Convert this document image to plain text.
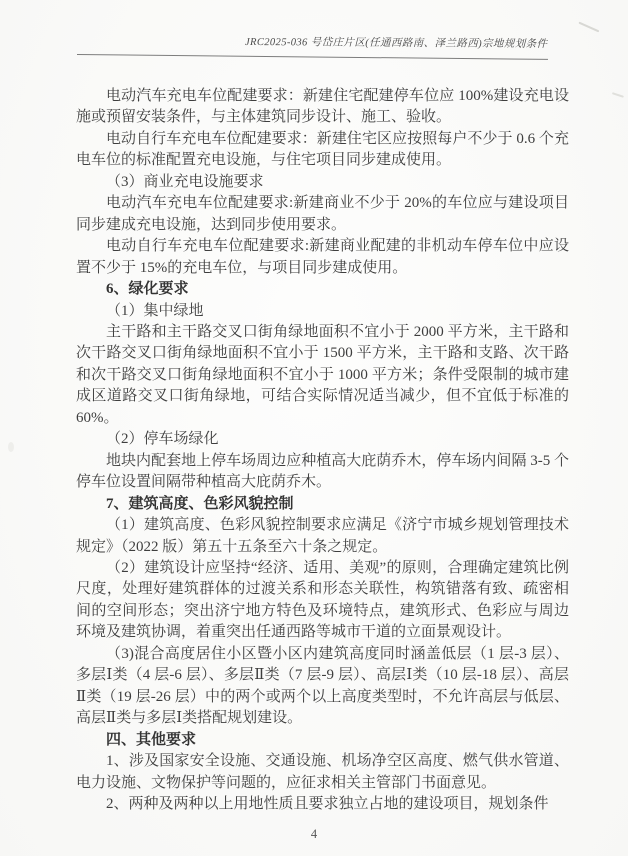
JRC2025-036 号岱庄片区(任通西路南、泽兰路西)宗地规划条件

电动汽车充电车位配建要求：新建住宅配建停车位应 100%建设充电设施或预留安装条件，与主体建筑同步设计、施工、验收。

电动自行车充电车位配建要求：新建住宅区应按照每户不少于 0.6 个充电车位的标准配置充电设施，与住宅项目同步建成使用。

（3）商业充电设施要求

电动汽车充电车位配建要求:新建商业不少于 20%的车位应与建设项目同步建成充电设施，达到同步使用要求。

电动自行车充电车位配建要求:新建商业配建的非机动车停车位中应设置不少于 15%的充电车位，与项目同步建成使用。

6、绿化要求

（1）集中绿地

主干路和主干路交叉口街角绿地面积不宜小于 2000 平方米，主干路和次干路交叉口街角绿地面积不宜小于 1500 平方米，主干路和支路、次干路和次干路交叉口街角绿地面积不宜小于 1000 平方米；条件受限制的城市建成区道路交叉口街角绿地，可结合实际情况适当减少，但不宜低于标准的 60%。

（2）停车场绿化

地块内配套地上停车场周边应种植高大庇荫乔木，停车场内间隔 3-5 个停车位设置间隔带种植高大庇荫乔木。

7、建筑高度、色彩风貌控制

（1）建筑高度、色彩风貌控制要求应满足《济宁市城乡规划管理技术规定》（2022 版）第五十五条至六十条之规定。

（2）建筑设计应坚持“经济、适用、美观”的原则，合理确定建筑比例尺度，处理好建筑群体的过渡关系和形态关联性，构筑错落有致、疏密相间的空间形态；突出济宁地方特色及环境特点，建筑形式、色彩应与周边环境及建筑协调，着重突出任通西路等城市干道的立面景观设计。

（3)混合高度居住小区暨小区内建筑高度同时涵盖低层（1 层-3 层）、多层Ⅰ类（4 层-6 层）、多层Ⅱ类（7 层-9 层）、高层Ⅰ类（10 层-18 层）、高层Ⅱ类（19 层-26 层）中的两个或两个以上高度类型时，不允许高层与低层、高层Ⅱ类与多层Ⅰ类搭配规划建设。

四、其他要求

1、涉及国家安全设施、交通设施、机场净空区高度、燃气供水管道、电力设施、文物保护等问题的，应征求相关主管部门书面意见。

2、两种及两种以上用地性质且要求独立占地的建设项目，规划条件

4
